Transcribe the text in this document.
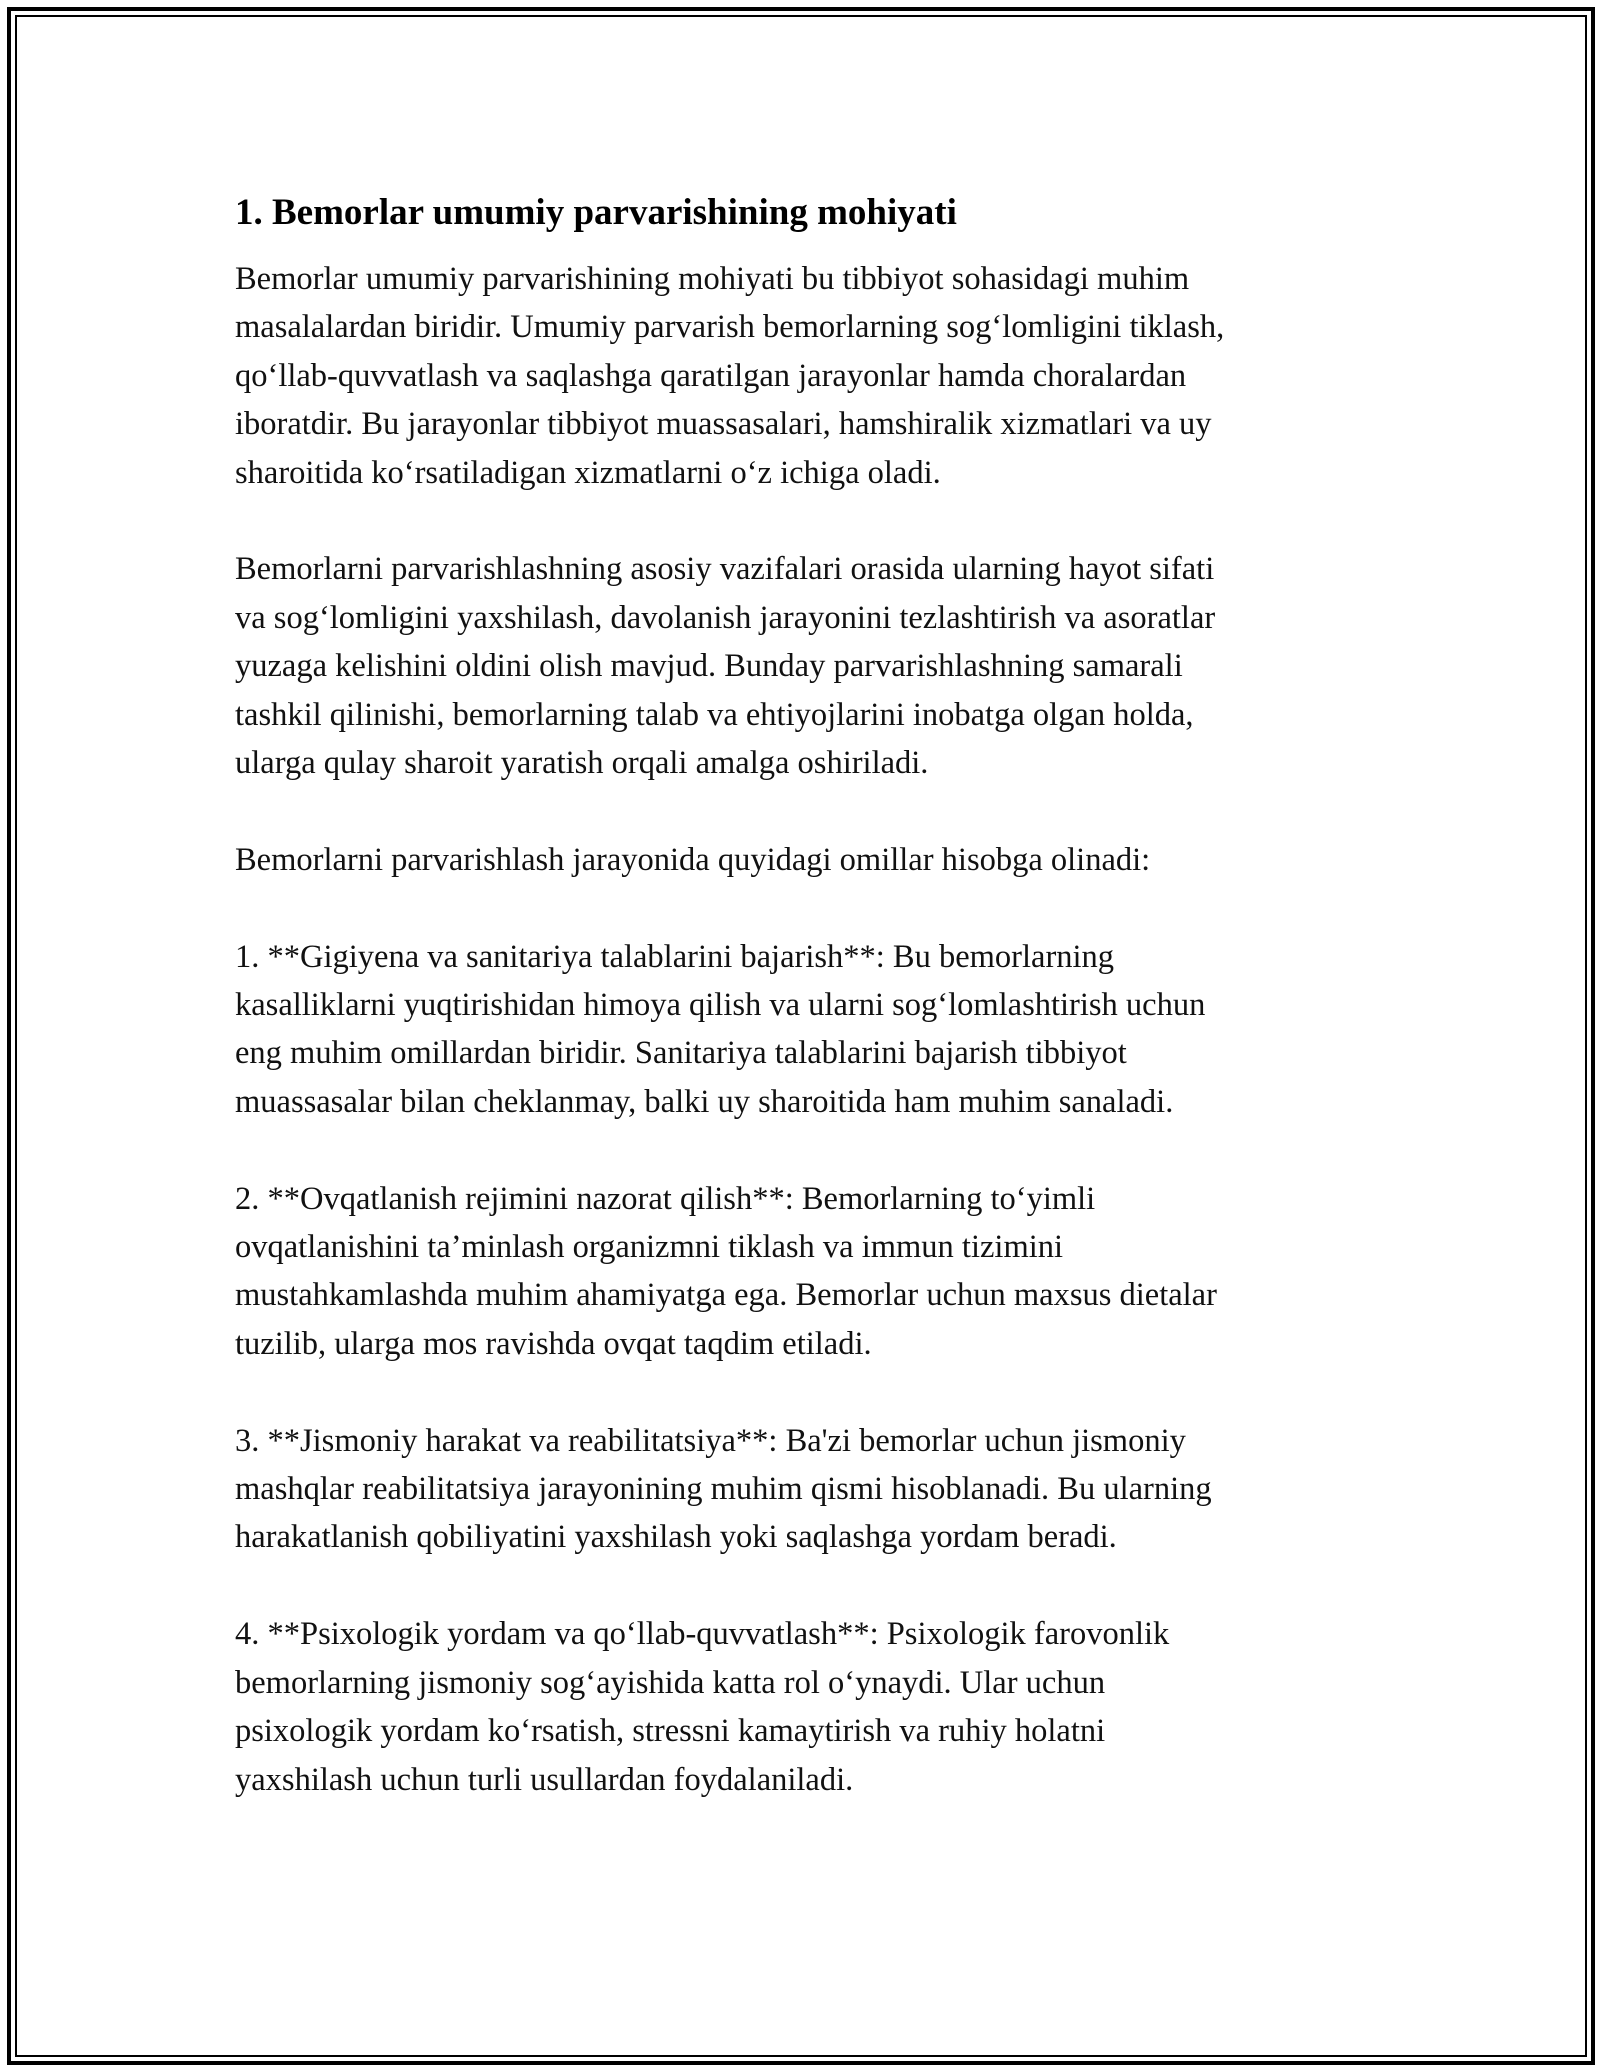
1. Bemorlar umumiy parvarishining mohiyati

Bemorlar umumiy parvarishining mohiyati bu tibbiyot sohasidagi muhim
masalalardan biridir. Umumiy parvarish bemorlarning sog‘lomligini tiklash,
qo‘llab-quvvatlash va saqlashga qaratilgan jarayonlar hamda choralardan
iboratdir. Bu jarayonlar tibbiyot muassasalari, hamshiralik xizmatlari va uy
sharoitida ko‘rsatiladigan xizmatlarni o‘z ichiga oladi.

Bemorlarni parvarishlashning asosiy vazifalari orasida ularning hayot sifati
va sog‘lomligini yaxshilash, davolanish jarayonini tezlashtirish va asoratlar
yuzaga kelishini oldini olish mavjud. Bunday parvarishlashning samarali
tashkil qilinishi, bemorlarning talab va ehtiyojlarini inobatga olgan holda,
ularga qulay sharoit yaratish orqali amalga oshiriladi.

Bemorlarni parvarishlash jarayonida quyidagi omillar hisobga olinadi:

1. **Gigiyena va sanitariya talablarini bajarish**: Bu bemorlarning
kasalliklarni yuqtirishidan himoya qilish va ularni sog‘lomlashtirish uchun
eng muhim omillardan biridir. Sanitariya talablarini bajarish tibbiyot
muassasalar bilan cheklanmay, balki uy sharoitida ham muhim sanaladi.

2. **Ovqatlanish rejimini nazorat qilish**: Bemorlarning to‘yimli
ovqatlanishini ta’minlash organizmni tiklash va immun tizimini
mustahkamlashda muhim ahamiyatga ega. Bemorlar uchun maxsus dietalar
tuzilib, ularga mos ravishda ovqat taqdim etiladi.

3. **Jismoniy harakat va reabilitatsiya**: Ba'zi bemorlar uchun jismoniy
mashqlar reabilitatsiya jarayonining muhim qismi hisoblanadi. Bu ularning
harakatlanish qobiliyatini yaxshilash yoki saqlashga yordam beradi.

4. **Psixologik yordam va qo‘llab-quvvatlash**: Psixologik farovonlik
bemorlarning jismoniy sog‘ayishida katta rol o‘ynaydi. Ular uchun
psixologik yordam ko‘rsatish, stressni kamaytirish va ruhiy holatni
yaxshilash uchun turli usullardan foydalaniladi.
